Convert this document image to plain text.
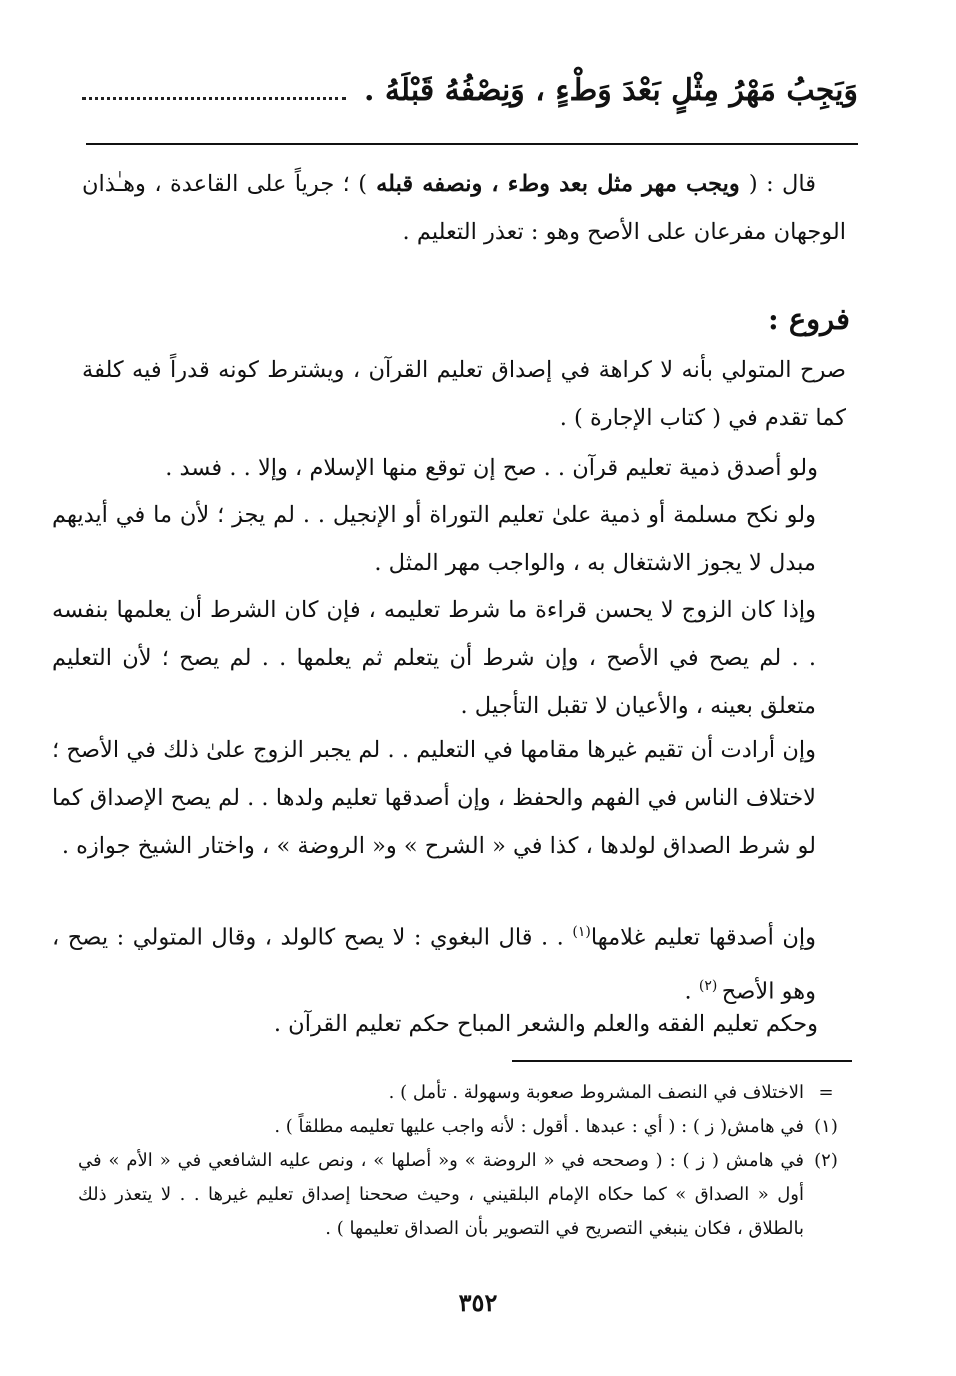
وَيَجِبُ مَهْرُ مِثْلٍ بَعْدَ وَطْءٍ ، وَنِصْفُهُ قَبْلَهُ .
قال : ( ويجب مهر مثل بعد وطء ، ونصفه قبله ) ؛ جرياً على القاعدة ، وهـٰذان الوجهان مفرعان على الأصح وهو : تعذر التعليم .
فروع :
صرح المتولي بأنه لا كراهة في إصداق تعليم القرآن ، ويشترط كونه قدراً فيه كلفة كما تقدم في ( كتاب الإجارة ) .
ولو أصدق ذمية تعليم قرآن . . صح إن توقع منها الإسلام ، وإلا . . فسد .
ولو نكح مسلمة أو ذمية علىٰ تعليم التوراة أو الإنجيل . . لم يجز ؛ لأن ما في أيديهم مبدل لا يجوز الاشتغال به ، والواجب مهر المثل .
وإذا كان الزوج لا يحسن قراءة ما شرط تعليمه ، فإن كان الشرط أن يعلمها بنفسه . . لم يصح في الأصح ، وإن شرط أن يتعلم ثم يعلمها . . لم يصح ؛ لأن التعليم متعلق بعينه ، والأعيان لا تقبل التأجيل .
وإن أرادت أن تقيم غيرها مقامها في التعليم . . لم يجبر الزوج علىٰ ذلك في الأصح ؛ لاختلاف الناس في الفهم والحفظ ، وإن أصدقها تعليم ولدها . . لم يصح الإصداق كما لو شرط الصداق لولدها ، كذا في « الشرح » و« الروضة » ، واختار الشيخ جوازه .
وإن أصدقها تعليم غلامها$^{(١)}$ . . قال البغوي : لا يصح كالولد ، وقال المتولي : يصح ، وهو الأصح $^{(٢)}$ .
وحكم تعليم الفقه والعلم والشعر المباح حكم تعليم القرآن .
=
الاختلاف في النصف المشروط صعوبة وسهولة . تأمل ) .
(١)
في هامش( ز ) : ( أي : عبدها . أقول : لأنه واجب عليها تعليمه مطلقاً ) .
(٢)
في هامش ( ز ) : ( وصححه في « الروضة » و« أصلها » ، ونص عليه الشافعي في « الأم » في أول « الصداق » كما حكاه الإمام البلقيني ، وحيث صححنا إصداق تعليم غيرها . . لا يتعذر ذلك بالطلاق ، فكان ينبغي التصريح في التصوير بأن الصداق تعليمها ) .
٣٥٢
